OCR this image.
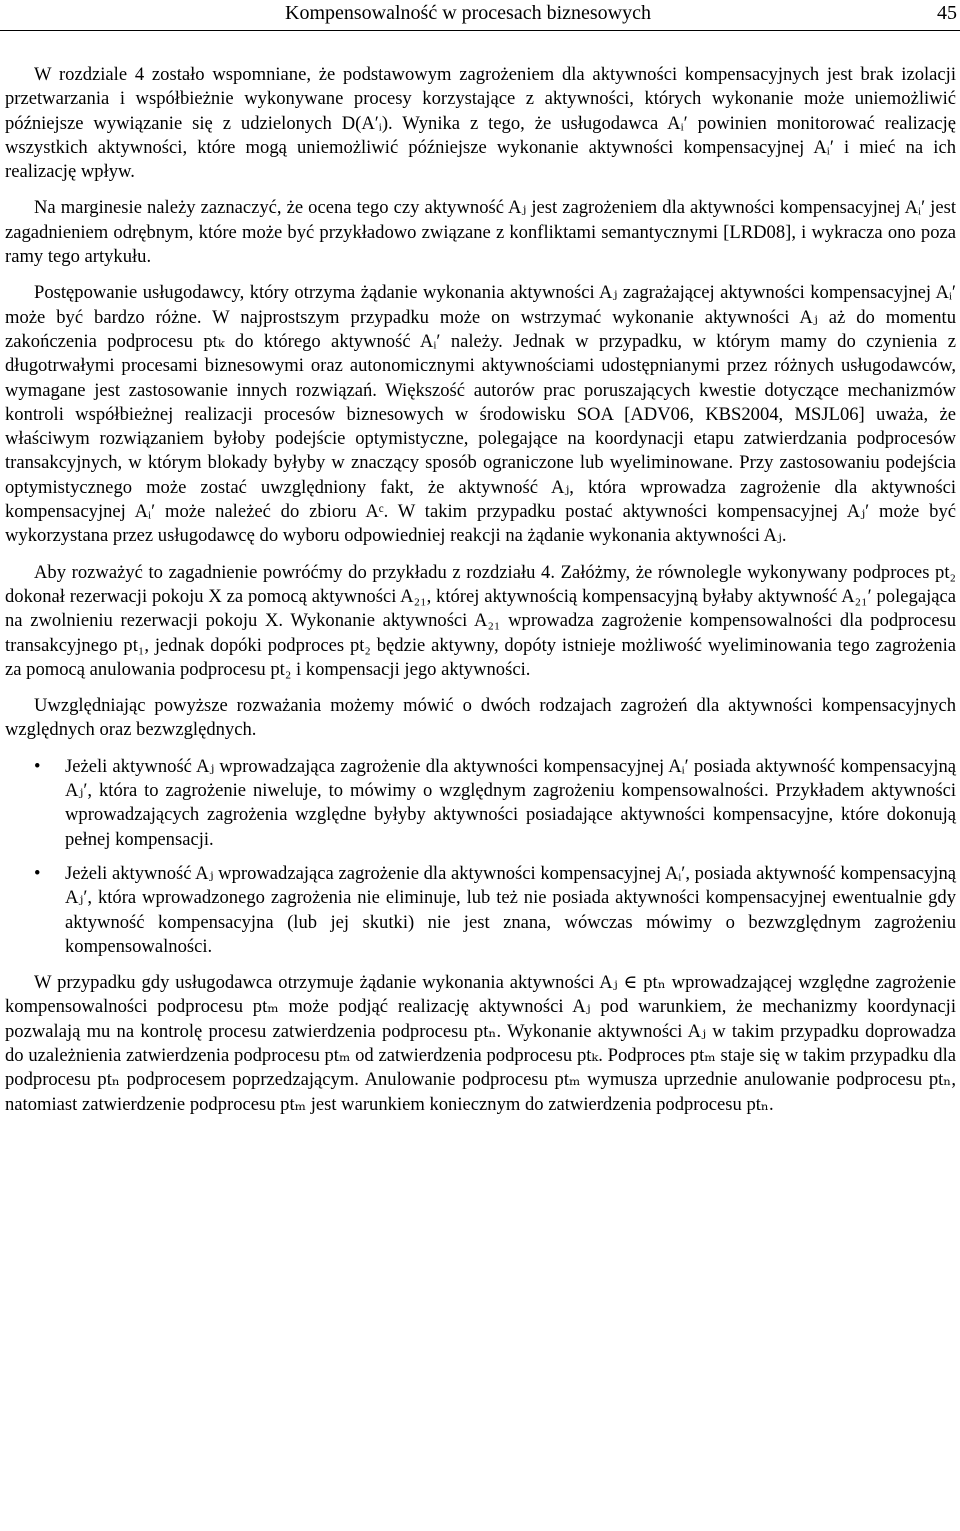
Kompensowalność w procesach biznesowych	45

W rozdziale 4 zostało wspomniane, że podstawowym zagrożeniem dla aktywności kompensacyjnych jest brak izolacji przetwarzania i współbieżnie wykonywane procesy korzystające z aktywności, których wykonanie może uniemożliwić późniejsze wywiązanie się z udzielonych D(A′ᵢ). Wynika z tego, że usługodawca Aᵢ′ powinien monitorować realizację wszystkich aktywności, które mogą uniemożliwić późniejsze wykonanie aktywności kompensacyjnej Aᵢ′ i mieć na ich realizację wpływ.

Na marginesie należy zaznaczyć, że ocena tego czy aktywność Aⱼ jest zagrożeniem dla aktywności kompensacyjnej Aᵢ′ jest zagadnieniem odrębnym, które może być przykładowo związane z konfliktami semantycznymi [LRD08], i wykracza ono poza ramy tego artykułu.

Postępowanie usługodawcy, który otrzyma żądanie wykonania aktywności Aⱼ zagrażającej aktywności kompensacyjnej Aᵢ′ może być bardzo różne. W najprostszym przypadku może on wstrzymać wykonanie aktywności Aⱼ aż do momentu zakończenia podprocesu ptₖ do którego aktywność Aᵢ′ należy. Jednak w przypadku, w którym mamy do czynienia z długotrwałymi procesami biznesowymi oraz autonomicznymi aktywnościami udostępnianymi przez różnych usługodawców, wymagane jest zastosowanie innych rozwiązań. Większość autorów prac poruszających kwestie dotyczące mechanizmów kontroli współbieżnej realizacji procesów biznesowych w środowisku SOA [ADV06, KBS2004, MSJL06] uważa, że właściwym rozwiązaniem byłoby podejście optymistyczne, polegające na koordynacji etapu zatwierdzania podprocesów transakcyjnych, w którym blokady byłyby w znaczący sposób ograniczone lub wyeliminowane. Przy zastosowaniu podejścia optymistycznego może zostać uwzględniony fakt, że aktywność Aⱼ, która wprowadza zagrożenie dla aktywności kompensacyjnej Aᵢ′ może należeć do zbioru Aᶜ. W takim przypadku postać aktywności kompensacyjnej Aⱼ′ może być wykorzystana przez usługodawcę do wyboru odpowiedniej reakcji na żądanie wykonania aktywności Aⱼ.

Aby rozważyć to zagadnienie powróćmy do przykładu z rozdziału 4. Załóżmy, że równolegle wykonywany podproces pt₂ dokonał rezerwacji pokoju X za pomocą aktywności A₂₁, której aktywnością kompensacyjną byłaby aktywność A₂₁′ polegająca na zwolnieniu rezerwacji pokoju X. Wykonanie aktywności A₂₁ wprowadza zagrożenie kompensowalności dla podprocesu transakcyjnego pt₁, jednak dopóki podproces pt₂ będzie aktywny, dopóty istnieje możliwość wyeliminowania tego zagrożenia za pomocą anulowania podprocesu pt₂ i kompensacji jego aktywności.

Uwzględniając powyższe rozważania możemy mówić o dwóch rodzajach zagrożeń dla aktywności kompensacyjnych względnych oraz bezwzględnych.

• Jeżeli aktywność Aⱼ wprowadzająca zagrożenie dla aktywności kompensacyjnej Aᵢ′ posiada aktywność kompensacyjną Aⱼ′, która to zagrożenie niweluje, to mówimy o względnym zagrożeniu kompensowalności. Przykładem aktywności wprowadzających zagrożenia względne byłyby aktywności posiadające aktywności kompensacyjne, które dokonują pełnej kompensacji.
• Jeżeli aktywność Aⱼ wprowadzająca zagrożenie dla aktywności kompensacyjnej Aᵢ′, posiada aktywność kompensacyjną Aⱼ′, która wprowadzonego zagrożenia nie eliminuje, lub też nie posiada aktywności kompensacyjnej ewentualnie gdy aktywność kompensacyjna (lub jej skutki) nie jest znana, wówczas mówimy o bezwzględnym zagrożeniu kompensowalności.

W przypadku gdy usługodawca otrzymuje żądanie wykonania aktywności Aⱼ ∈ ptₙ wprowadzającej względne zagrożenie kompensowalności podprocesu ptₘ może podjąć realizację aktywności Aⱼ pod warunkiem, że mechanizmy koordynacji pozwalają mu na kontrolę procesu zatwierdzenia podprocesu ptₙ. Wykonanie aktywności Aⱼ w takim przypadku doprowadza do uzależnienia zatwierdzenia podprocesu ptₘ od zatwierdzenia podprocesu ptₖ. Podproces ptₘ staje się w takim przypadku dla podprocesu ptₙ podprocesem poprzedzającym. Anulowanie podprocesu ptₘ wymusza uprzednie anulowanie podprocesu ptₙ, natomiast zatwierdzenie podprocesu ptₘ jest warunkiem koniecznym do zatwierdzenia podprocesu ptₙ.
